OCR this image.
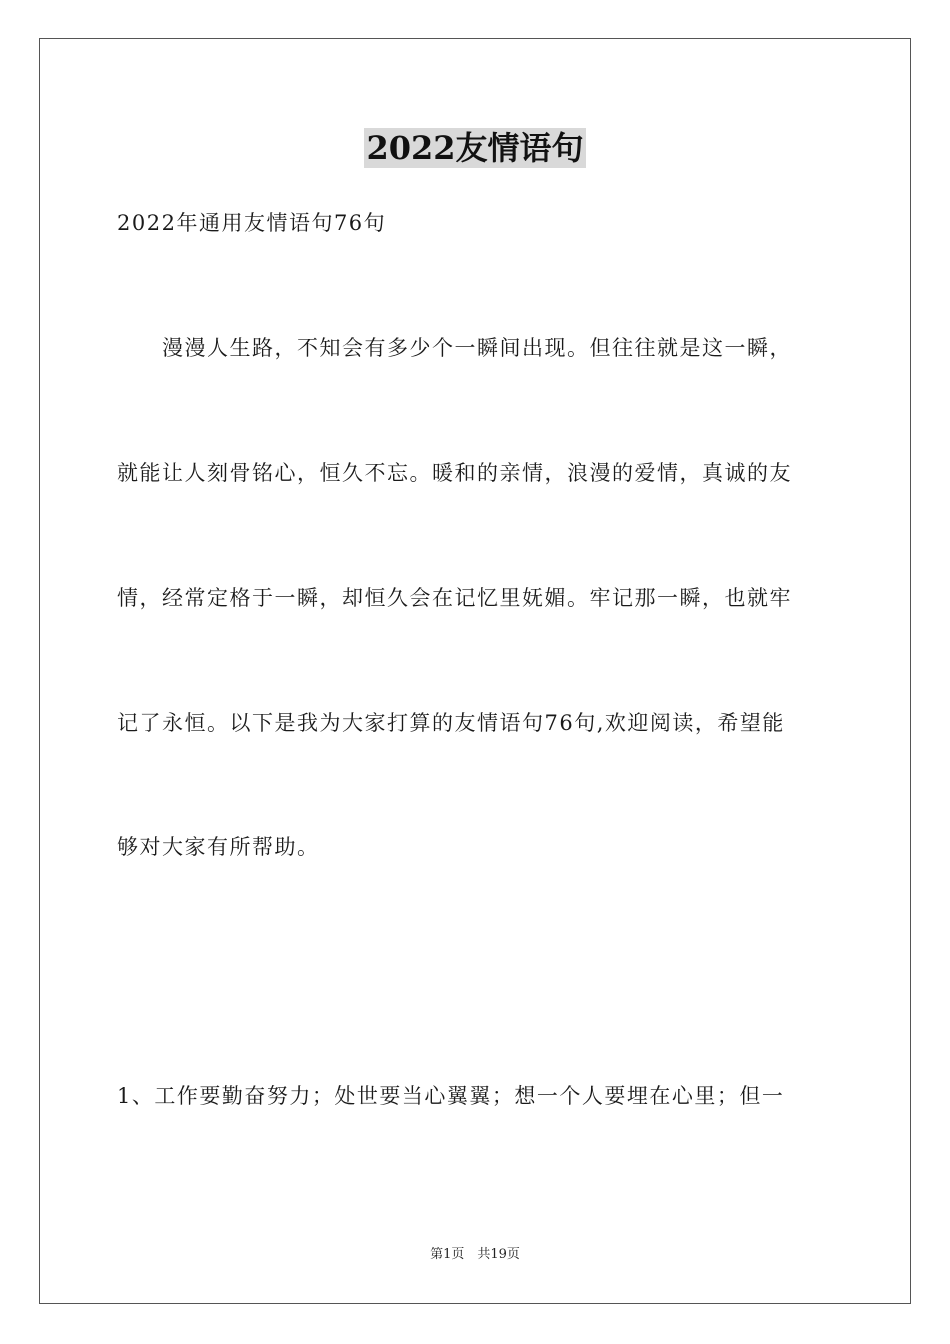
2022友情语句
2022年通用友情语句76句
　　漫漫人生路，不知会有多少个一瞬间出现。但往往就是这一瞬，
就能让人刻骨铭心，恒久不忘。暖和的亲情，浪漫的爱情，真诚的友
情，经常定格于一瞬，却恒久会在记忆里妩媚。牢记那一瞬，也就牢
记了永恒。以下是我为大家打算的友情语句76句,欢迎阅读，希望能
够对大家有所帮助。
1、工作要勤奋努力；处世要当心翼翼；想一个人要埋在心里；但一
第1页　共19页
